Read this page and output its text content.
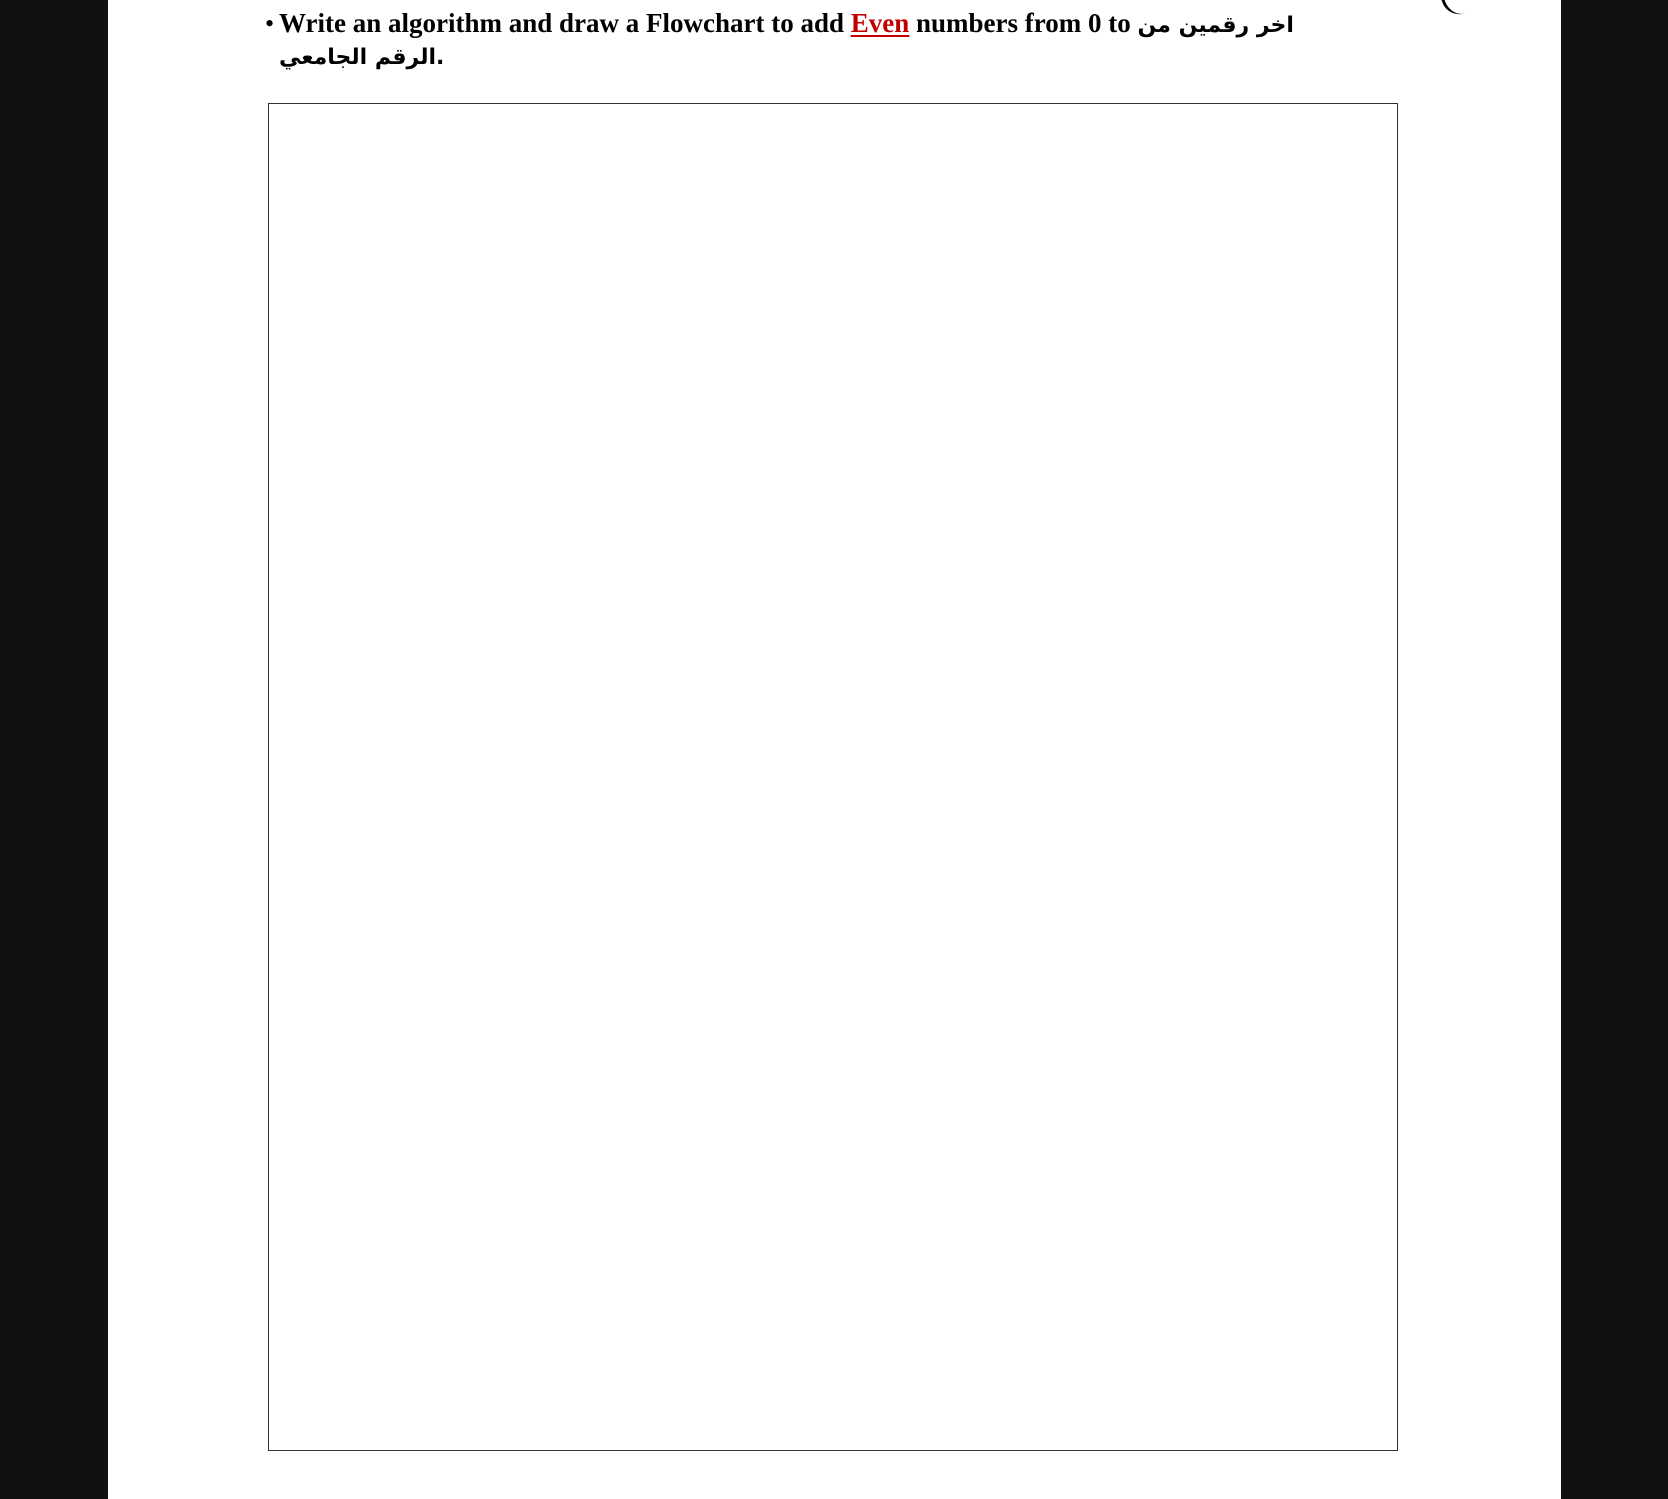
• Write an algorithm and draw a Flowchart to add Even numbers from 0 to اخر رقمين من
.الرقم الجامعي
